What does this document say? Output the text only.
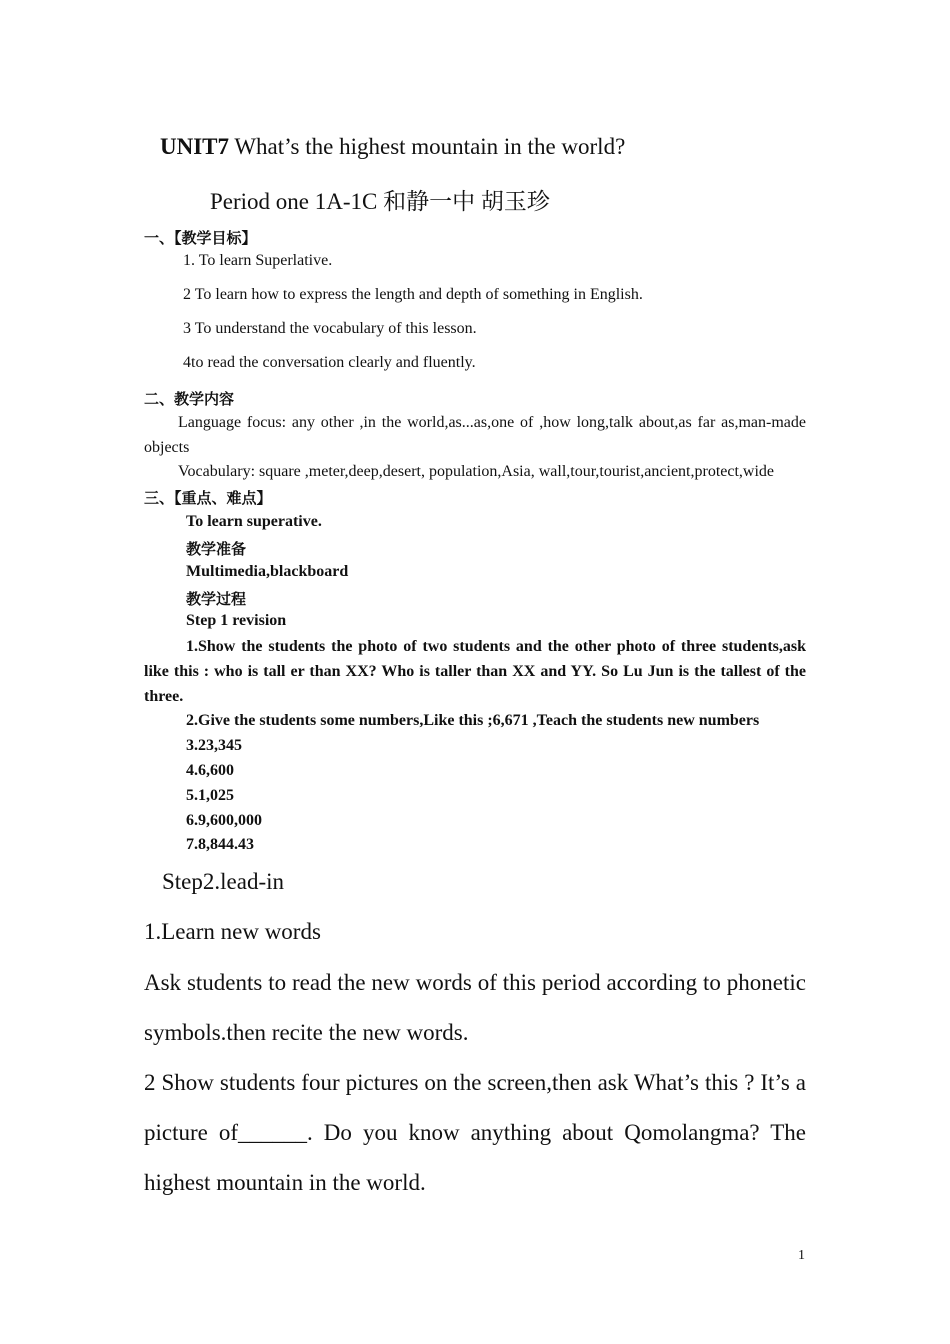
UNIT7 What’s the highest mountain in the world?
Period one 1A-1C 和静一中 胡玉珍
一、【教学目标】
1. To learn Superlative.
2 To learn how to express the length and depth of something in English.
3 To understand the vocabulary of this lesson.
4to read the conversation clearly and fluently.
二、教学内容
Language focus: any other ,in the world,as...as,one of ,how long,talk about,as far as,man-made objects
Vocabulary: square ,meter,deep,desert, population,Asia, wall,tour,tourist,ancient,protect,wide
三、【重点、难点】
To learn superative.
教学准备
Multimedia,blackboard
教学过程
Step 1 revision
1.Show the students the photo of two students and the other photo of three students,ask like this : who is tall er than XX? Who is taller than XX and YY. So Lu Jun is the tallest of the three.
2.Give the students some numbers,Like this ;6,671 ,Teach the students new numbers
3.23,345
4.6,600
5.1,025
6.9,600,000
7.8,844.43
Step2.lead-in
1.Learn new words
Ask students to read the new words of this period according to phonetic symbols.then recite the new words.
2 Show students four pictures on the screen,then ask What’s this ? It’s a picture of______. Do you know anything about Qomolangma? The highest mountain in the world.
1
